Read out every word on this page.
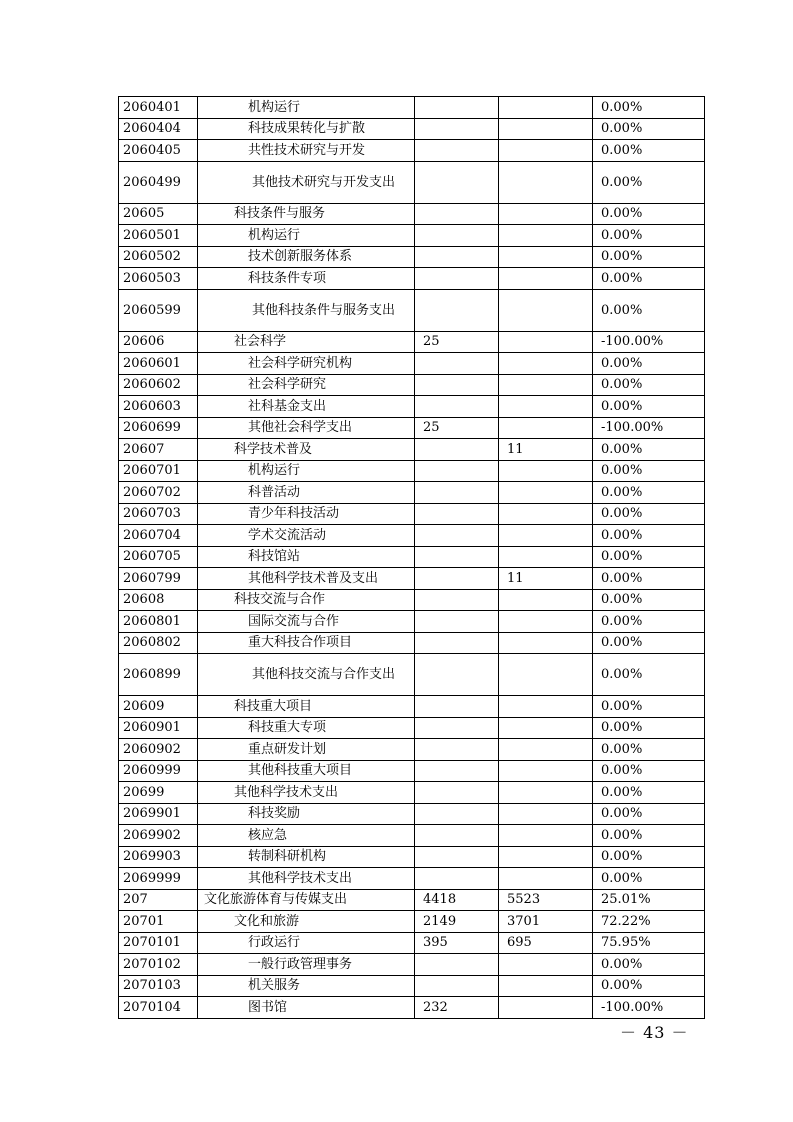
2060401	机构运行			0.00%
2060404	科技成果转化与扩散			0.00%
2060405	共性技术研究与开发			0.00%
2060499	其他技术研究与开发支出			0.00%
20605	科技条件与服务			0.00%
2060501	机构运行			0.00%
2060502	技术创新服务体系			0.00%
2060503	科技条件专项			0.00%
2060599	其他科技条件与服务支出			0.00%
20606	社会科学	25		-100.00%
2060601	社会科学研究机构			0.00%
2060602	社会科学研究			0.00%
2060603	社科基金支出			0.00%
2060699	其他社会科学支出	25		-100.00%
20607	科学技术普及		11	0.00%
2060701	机构运行			0.00%
2060702	科普活动			0.00%
2060703	青少年科技活动			0.00%
2060704	学术交流活动			0.00%
2060705	科技馆站			0.00%
2060799	其他科学技术普及支出		11	0.00%
20608	科技交流与合作			0.00%
2060801	国际交流与合作			0.00%
2060802	重大科技合作项目			0.00%
2060899	其他科技交流与合作支出			0.00%
20609	科技重大项目			0.00%
2060901	科技重大专项			0.00%
2060902	重点研发计划			0.00%
2060999	其他科技重大项目			0.00%
20699	其他科学技术支出			0.00%
2069901	科技奖励			0.00%
2069902	核应急			0.00%
2069903	转制科研机构			0.00%
2069999	其他科学技术支出			0.00%
207	文化旅游体育与传媒支出	4418	5523	25.01%
20701	文化和旅游	2149	3701	72.22%
2070101	行政运行	395	695	75.95%
2070102	一般行政管理事务			0.00%
2070103	机关服务			0.00%
2070104	图书馆	232		-100.00%
－ 43 －
